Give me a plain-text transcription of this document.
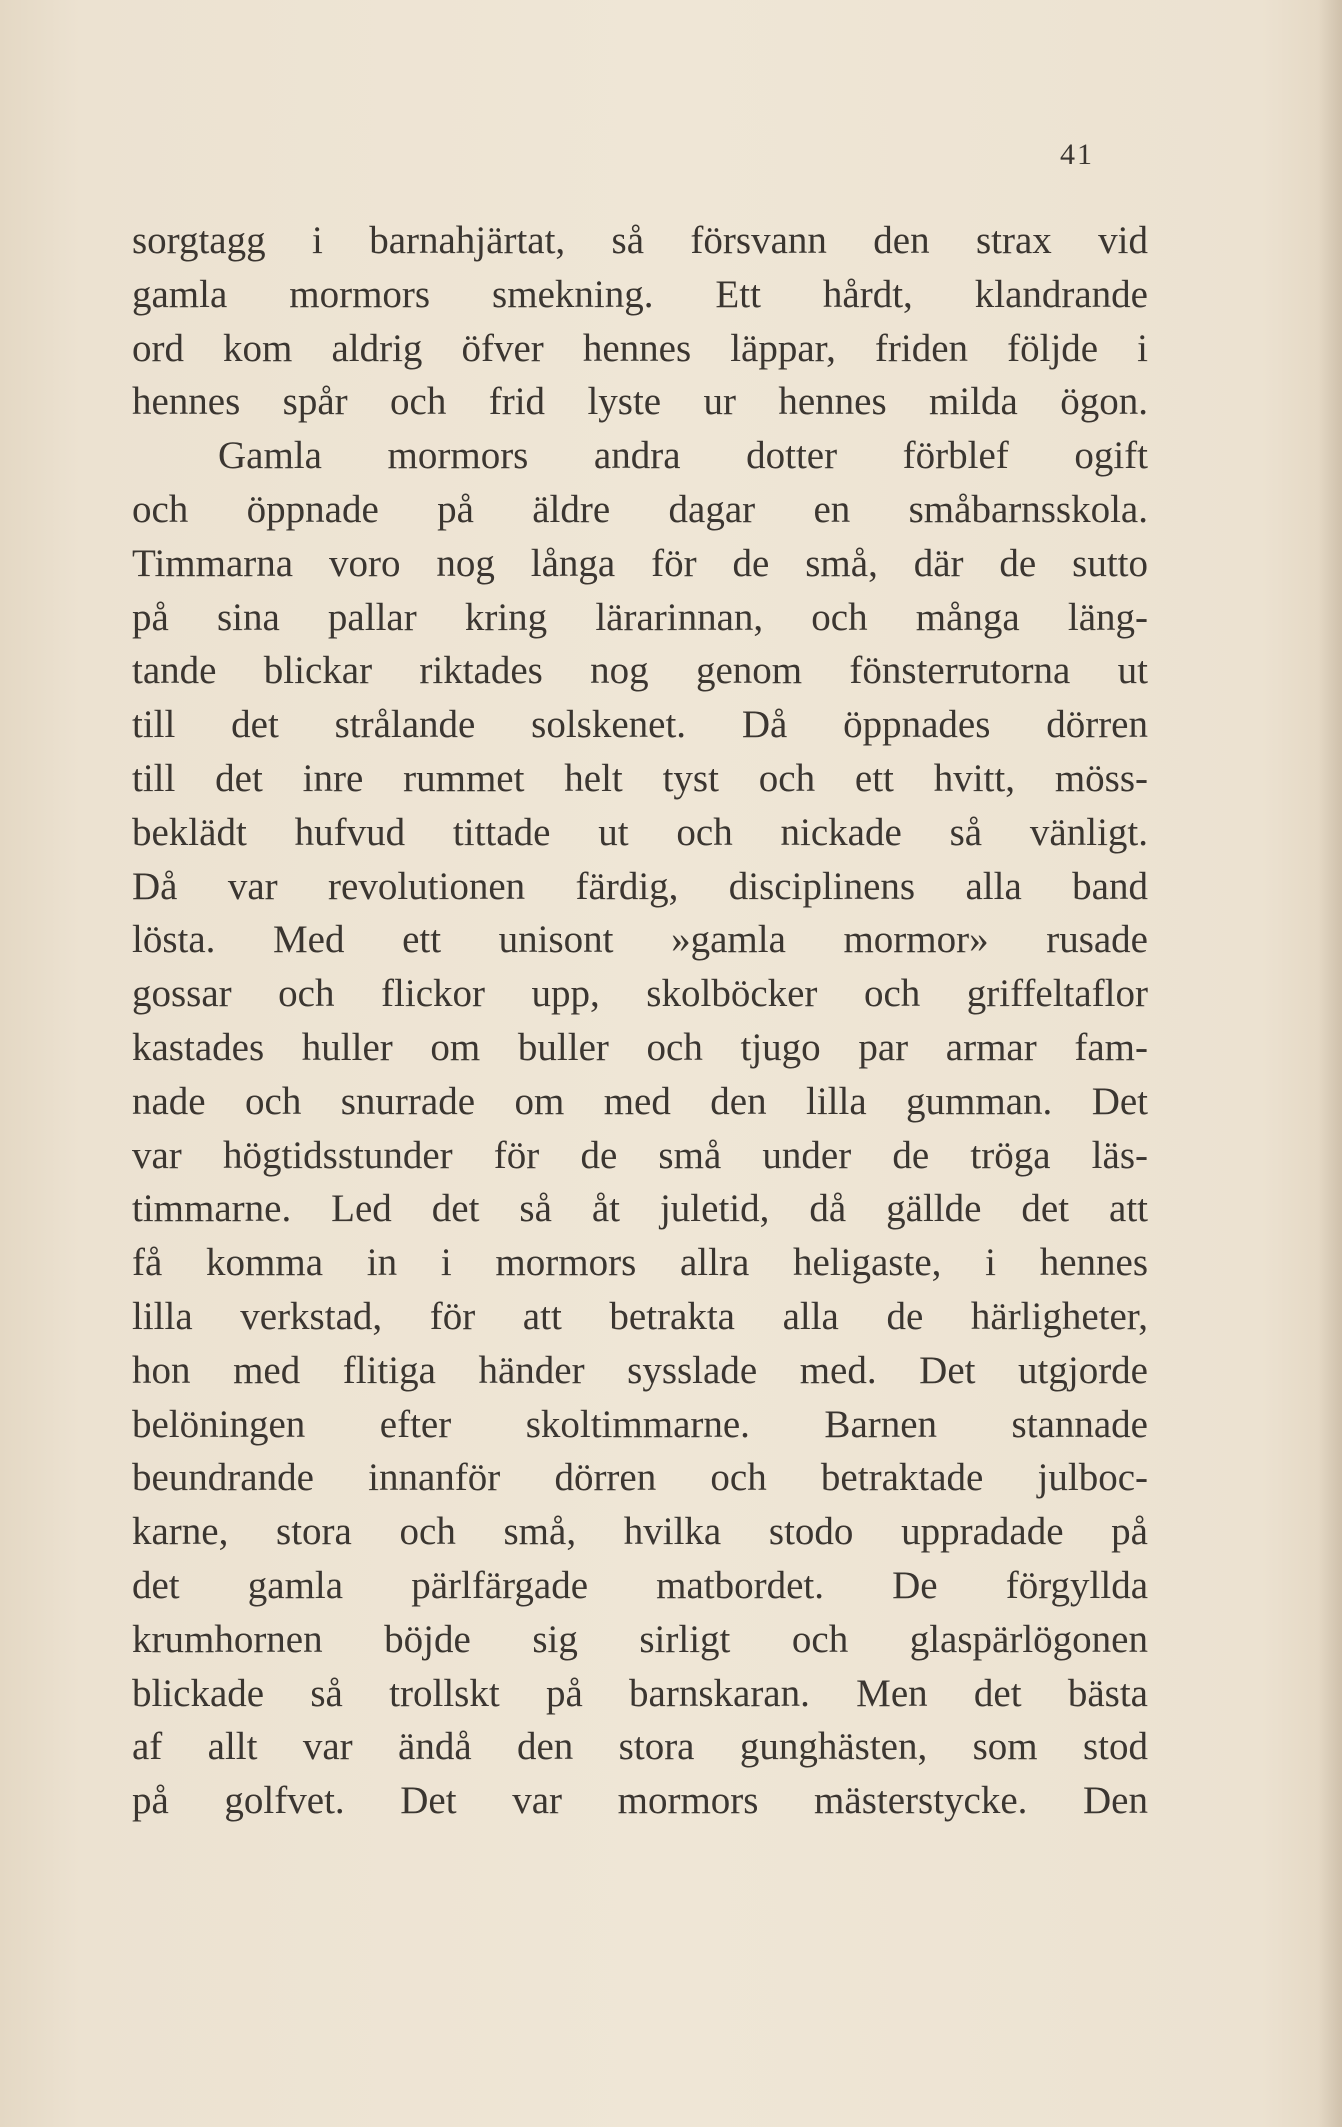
41
sorgtagg i barnahjärtat, så försvann den strax vid
gamla mormors smekning. Ett hårdt, klandrande
ord kom aldrig öfver hennes läppar, friden följde i
hennes spår och frid lyste ur hennes milda ögon.
Gamla mormors andra dotter förblef ogift
och öppnade på äldre dagar en småbarnsskola.
Timmarna voro nog långa för de små, där de sutto
på sina pallar kring lärarinnan, och många läng-
tande blickar riktades nog genom fönsterrutorna ut
till det strålande solskenet. Då öppnades dörren
till det inre rummet helt tyst och ett hvitt, möss-
beklädt hufvud tittade ut och nickade så vänligt.
Då var revolutionen färdig, disciplinens alla band
lösta. Med ett unisont »gamla mormor» rusade
gossar och flickor upp, skolböcker och griffeltaflor
kastades huller om buller och tjugo par armar fam-
nade och snurrade om med den lilla gumman. Det
var högtidsstunder för de små under de tröga läs-
timmarne. Led det så åt juletid, då gällde det att
få komma in i mormors allra heligaste, i hennes
lilla verkstad, för att betrakta alla de härligheter,
hon med flitiga händer sysslade med. Det utgjorde
belöningen efter skoltimmarne. Barnen stannade
beundrande innanför dörren och betraktade julboc-
karne, stora och små, hvilka stodo uppradade på
det gamla pärlfärgade matbordet. De förgyllda
krumhornen böjde sig sirligt och glaspärlögonen
blickade så trollskt på barnskaran. Men det bästa
af allt var ändå den stora gunghästen, som stod
på golfvet. Det var mormors mästerstycke. Den
